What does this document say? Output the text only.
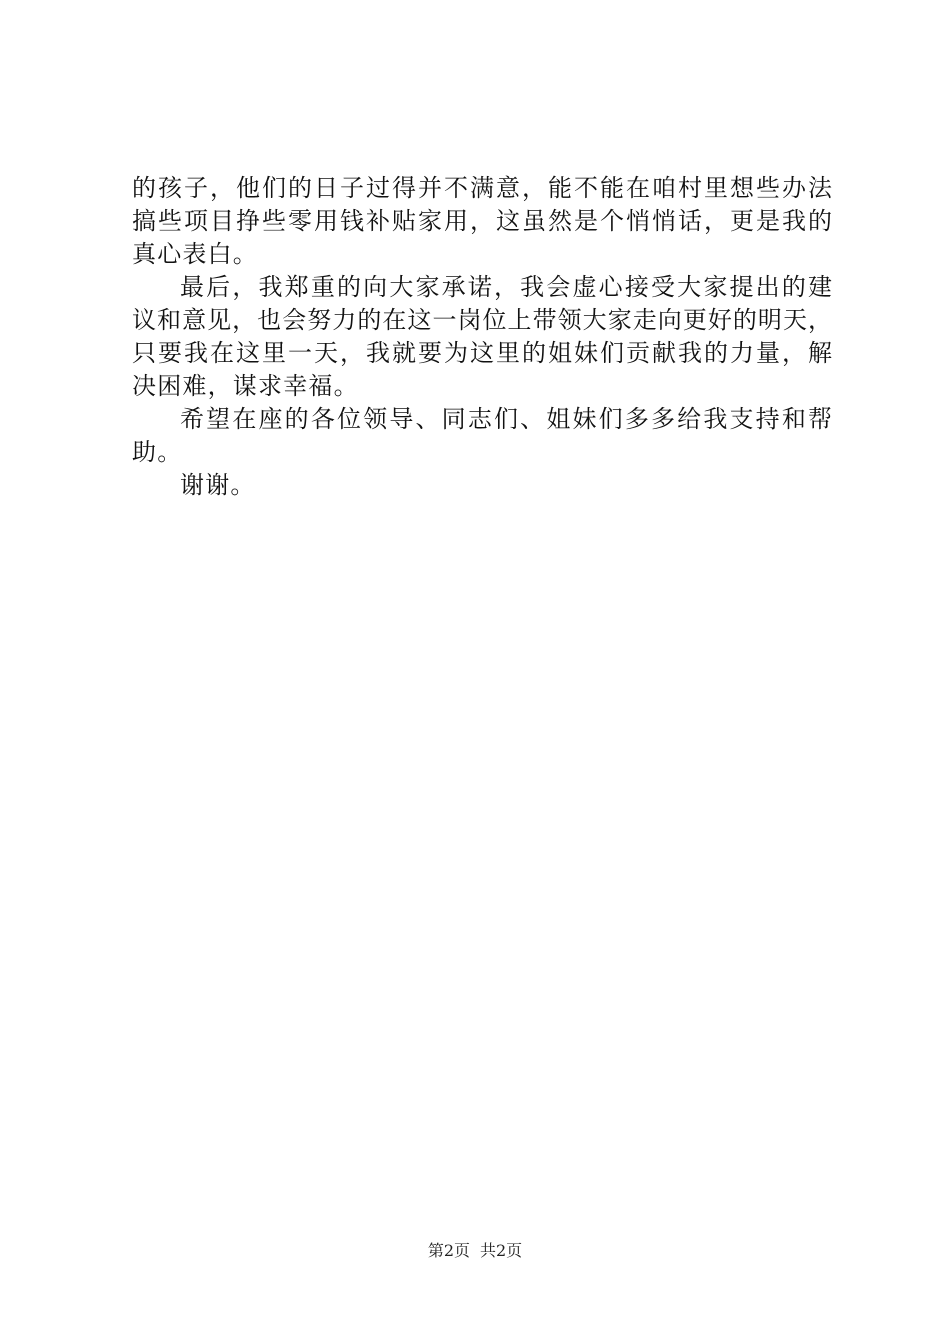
的孩子，他们的日子过得并不满意，能不能在咱村里想些办法
搞些项目挣些零用钱补贴家用，这虽然是个悄悄话，更是我的
真心表白。
最后，我郑重的向大家承诺，我会虚心接受大家提出的建
议和意见，也会努力的在这一岗位上带领大家走向更好的明天，
只要我在这里一天，我就要为这里的姐妹们贡献我的力量，解
决困难，谋求幸福。
希望在座的各位领导、同志们、姐妹们多多给我支持和帮
助。
谢谢。
第2页 共2页
